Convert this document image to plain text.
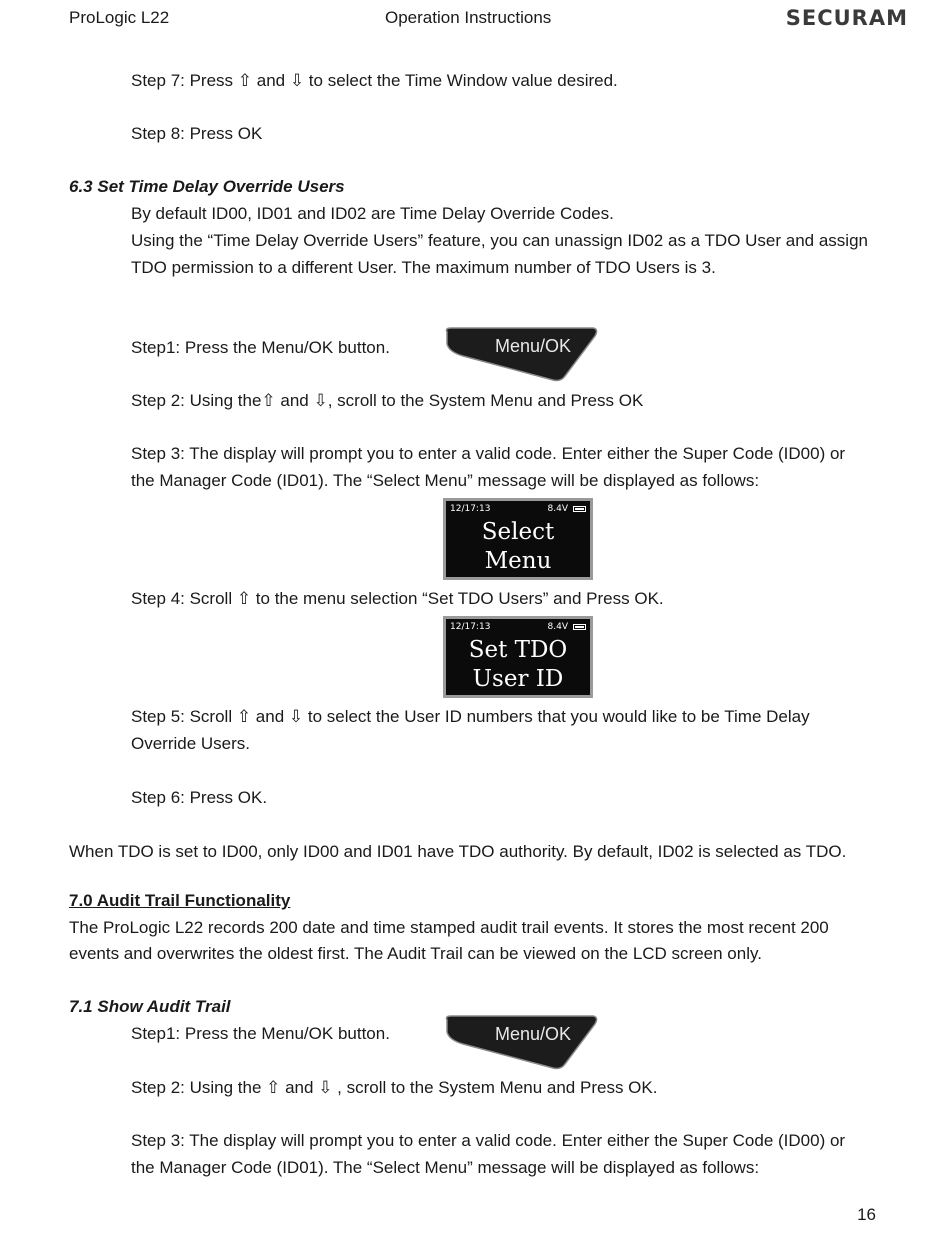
ProLogic L22	Operation Instructions	SECURAM
Step 7: Press ⇧ and ⇩ to select the Time Window value desired.
Step 8: Press OK
6.3 Set Time Delay Override Users
By default ID00, ID01 and ID02 are Time Delay Override Codes.
Using the “Time Delay Override Users” feature, you can unassign ID02 as a TDO User and assign
TDO permission to a different User. The maximum number of TDO Users is 3.
Step1: Press the Menu/OK button.	Menu/OK
Step 2: Using the⇧ and ⇩, scroll to the System Menu and Press OK
Step 3: The display will prompt you to enter a valid code. Enter either the Super Code (ID00) or
the Manager Code (ID01). The “Select Menu” message will be displayed as follows:
12/17:13	8.4V
Select
Menu
Step 4: Scroll ⇧ to the menu selection “Set TDO Users” and Press OK.
12/17:13	8.4V
Set TDO
User ID
Step 5: Scroll ⇧ and ⇩ to select the User ID numbers that you would like to be Time Delay
Override Users.
Step 6: Press OK.
When TDO is set to ID00, only ID00 and ID01 have TDO authority. By default, ID02 is selected as TDO.
7.0 Audit Trail Functionality
The ProLogic L22 records 200 date and time stamped audit trail events. It stores the most recent 200
events and overwrites the oldest first. The Audit Trail can be viewed on the LCD screen only.
7.1 Show Audit Trail
Step1: Press the Menu/OK button.	Menu/OK
Step 2: Using the ⇧ and ⇩ , scroll to the System Menu and Press OK.
Step 3: The display will prompt you to enter a valid code. Enter either the Super Code (ID00) or
the Manager Code (ID01). The “Select Menu” message will be displayed as follows:
16
